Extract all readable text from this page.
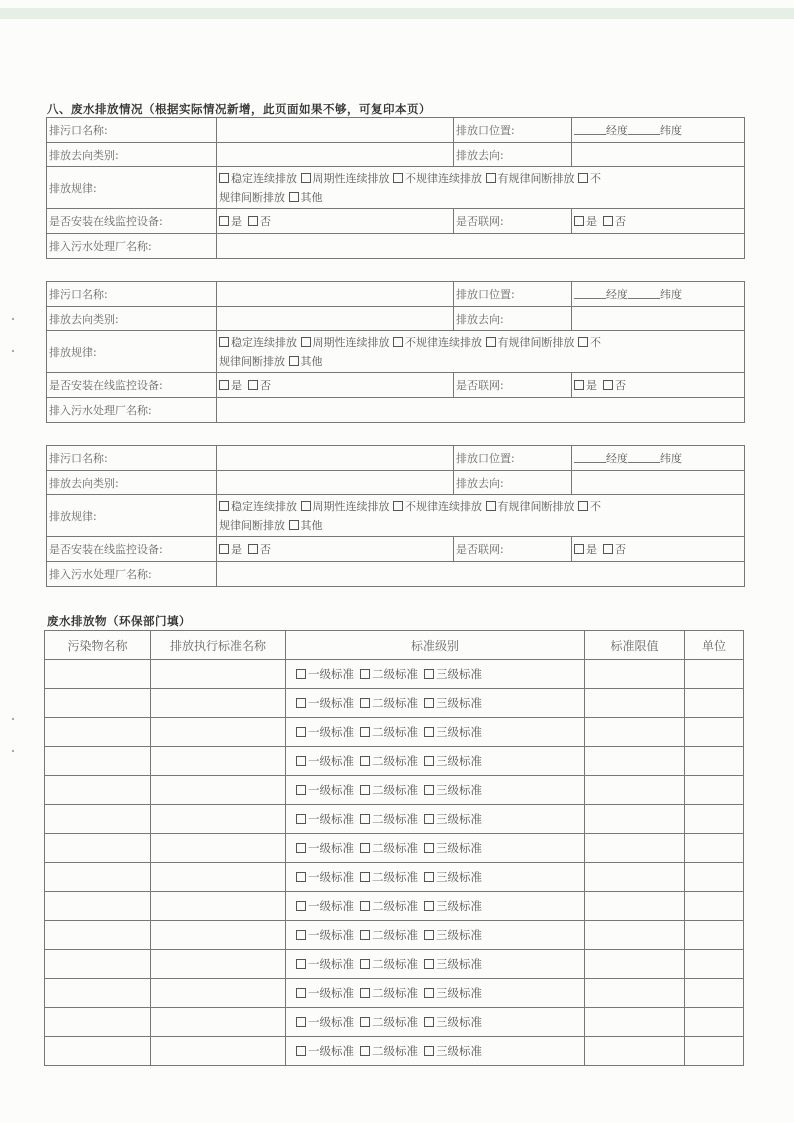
八、废水排放情况（根据实际情况新增，此页面如果不够，可复印本页）
排污口名称:		排放口位置:	经度 纬度
排放去向类别:		排放去向:	
排放规律:	稳定连续排放 周期性连续排放 不规律连续排放 有规律间断排放 不
规律间断排放 其他		
是否安装在线监控设备:	是 否	是否联网:	是 否
排入污水处理厂名称:			
排污口名称:		排放口位置:	经度 纬度
排放去向类别:		排放去向:	
排放规律:	稳定连续排放 周期性连续排放 不规律连续排放 有规律间断排放 不
规律间断排放 其他		
是否安装在线监控设备:	是 否	是否联网:	是 否
排入污水处理厂名称:			
排污口名称:		排放口位置:	经度 纬度
排放去向类别:		排放去向:	
排放规律:	稳定连续排放 周期性连续排放 不规律连续排放 有规律间断排放 不
规律间断排放 其他		
是否安装在线监控设备:	是 否	是否联网:	是 否
排入污水处理厂名称:			
废水排放物（环保部门填）
污染物名称	排放执行标准名称	标准级别	标准限值	单位
		一级标准 二级标准 三级标准		
		一级标准 二级标准 三级标准		
		一级标准 二级标准 三级标准		
		一级标准 二级标准 三级标准		
		一级标准 二级标准 三级标准		
		一级标准 二级标准 三级标准		
		一级标准 二级标准 三级标准		
		一级标准 二级标准 三级标准		
		一级标准 二级标准 三级标准		
		一级标准 二级标准 三级标准		
		一级标准 二级标准 三级标准		
		一级标准 二级标准 三级标准		
		一级标准 二级标准 三级标准		
		一级标准 二级标准 三级标准		
